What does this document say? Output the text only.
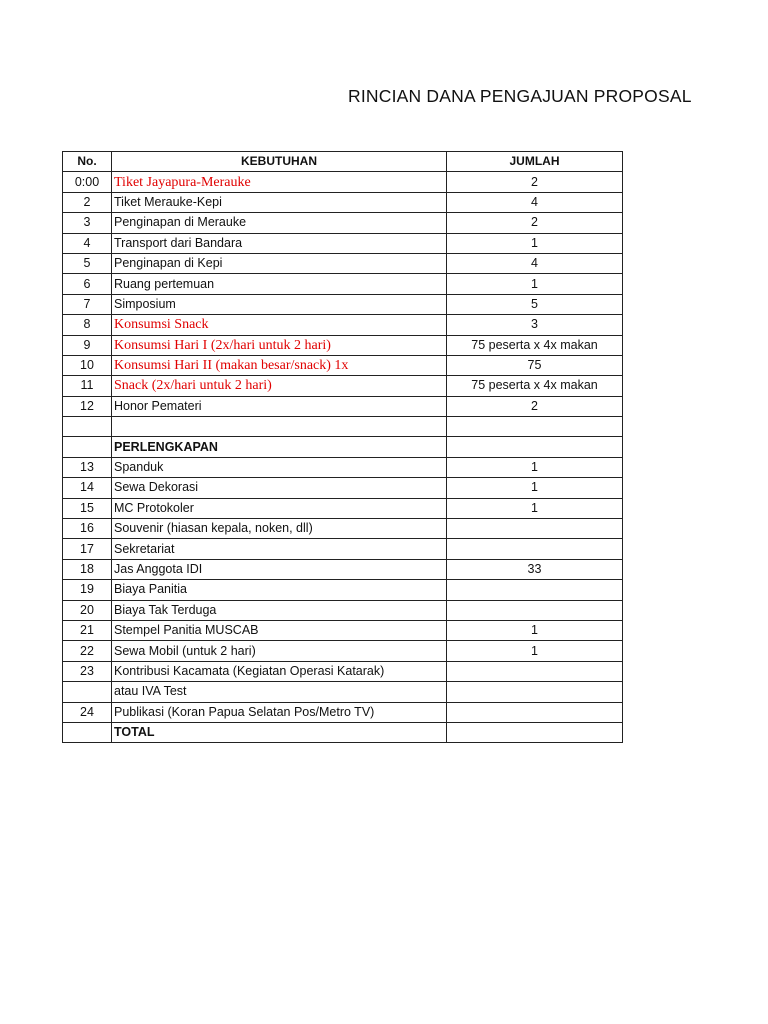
RINCIAN DANA PENGAJUAN PROPOSAL
No.	KEBUTUHAN	JUMLAH
0:00	Tiket Jayapura-Merauke	2
2	Tiket Merauke-Kepi	4
3	Penginapan di Merauke	2
4	Transport dari Bandara	1
5	Penginapan di Kepi	4
6	Ruang pertemuan	1
7	Simposium	5
8	Konsumsi Snack	3
9	Konsumsi Hari I (2x/hari untuk 2 hari)	75 peserta x 4x makan
10	Konsumsi Hari II (makan besar/snack) 1x	75
11	Snack (2x/hari untuk 2 hari)	75 peserta x 4x makan
12	Honor Pemateri	2

	PERLENGKAPAN	
13	Spanduk	1
14	Sewa Dekorasi	1
15	MC Protokoler	1
16	Souvenir (hiasan kepala, noken, dll)	
17	Sekretariat	
18	Jas Anggota IDI	33
19	Biaya Panitia	
20	Biaya Tak Terduga	
21	Stempel Panitia MUSCAB	1
22	Sewa Mobil (untuk 2 hari)	1
23	Kontribusi Kacamata (Kegiatan Operasi Katarak)	
	atau IVA Test	
24	Publikasi (Koran Papua Selatan Pos/Metro TV)	
	TOTAL	
